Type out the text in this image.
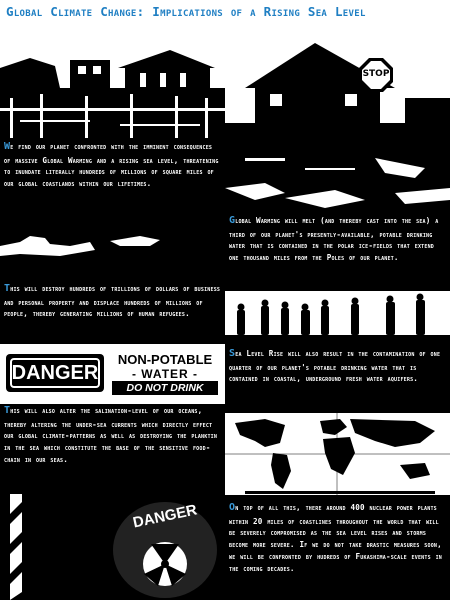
Global Climate Change: Implications of a Rising Sea Level
STOP
We find our planet confronted with the imminent consequences of massive Global Warming and a rising sea level, threatening to inundate literally hundreds of millions of square miles of our global coastlands within our lifetimes.
Global Warming will melt (and thereby cast into the sea) a third of our planet's presently-available, potable drinking water that is contained in the polar ice-fields that extend one thousand miles from the Poles of our planet.
This will destroy hundreds of trillions of dollars of business and personal property and displace hundreds of millions of people, thereby generating millions of human refugees.
DANGER
NON-POTABLE
- WATER -
DO NOT DRINK
Sea Level Rise will also result in the contamination of one quarter of our planet's potable drinking water that is contained in coastal, underground fresh water aquifers.
This will also alter the salination-level of our oceans, thereby altering the under-sea currents which directly effect our global climate-patterns as well as destroying the planktin in the sea which constitute the base of the sensitive food-chain in our seas.
DANGER	On top of all this, there around 400 nuclear power plants within 20 miles of coastlines throughout the world that will be severely compromised as the sea level rises and storms become more severe. If we do not take drastic measures soon, we will be confronted by hudreds of Fukashima-scale events in the coming decades.
